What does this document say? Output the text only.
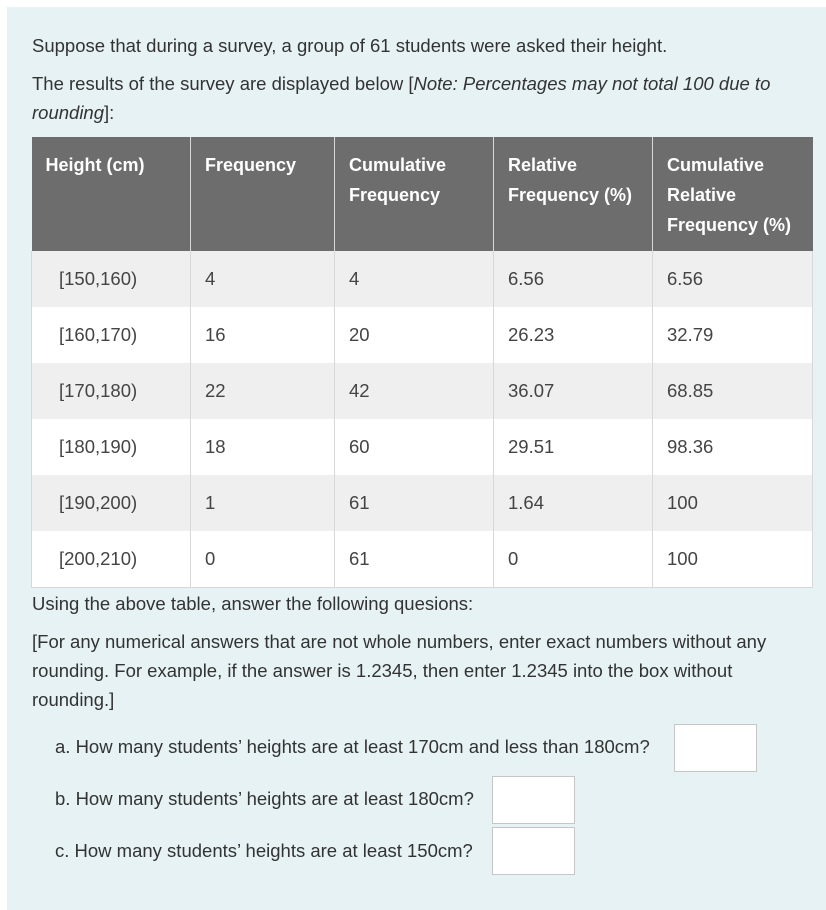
Suppose that during a survey, a group of 61 students were asked their height.

The results of the survey are displayed below [Note: Percentages may not total 100 due to rounding]:

Height (cm)	Frequency	Cumulative Frequency	Relative Frequency (%)	Cumulative Relative Frequency (%)
[150,160)	4	4	6.56	6.56
[160,170)	16	20	26.23	32.79
[170,180)	22	42	36.07	68.85
[180,190)	18	60	29.51	98.36
[190,200)	1	61	1.64	100
[200,210)	0	61	0	100

Using the above table, answer the following quesions:

[For any numerical answers that are not whole numbers, enter exact numbers without any rounding. For example, if the answer is 1.2345, then enter 1.2345 into the box without rounding.]

a. How many students’ heights are at least 170cm and less than 180cm?
b. How many students’ heights are at least 180cm?
c. How many students’ heights are at least 150cm?
